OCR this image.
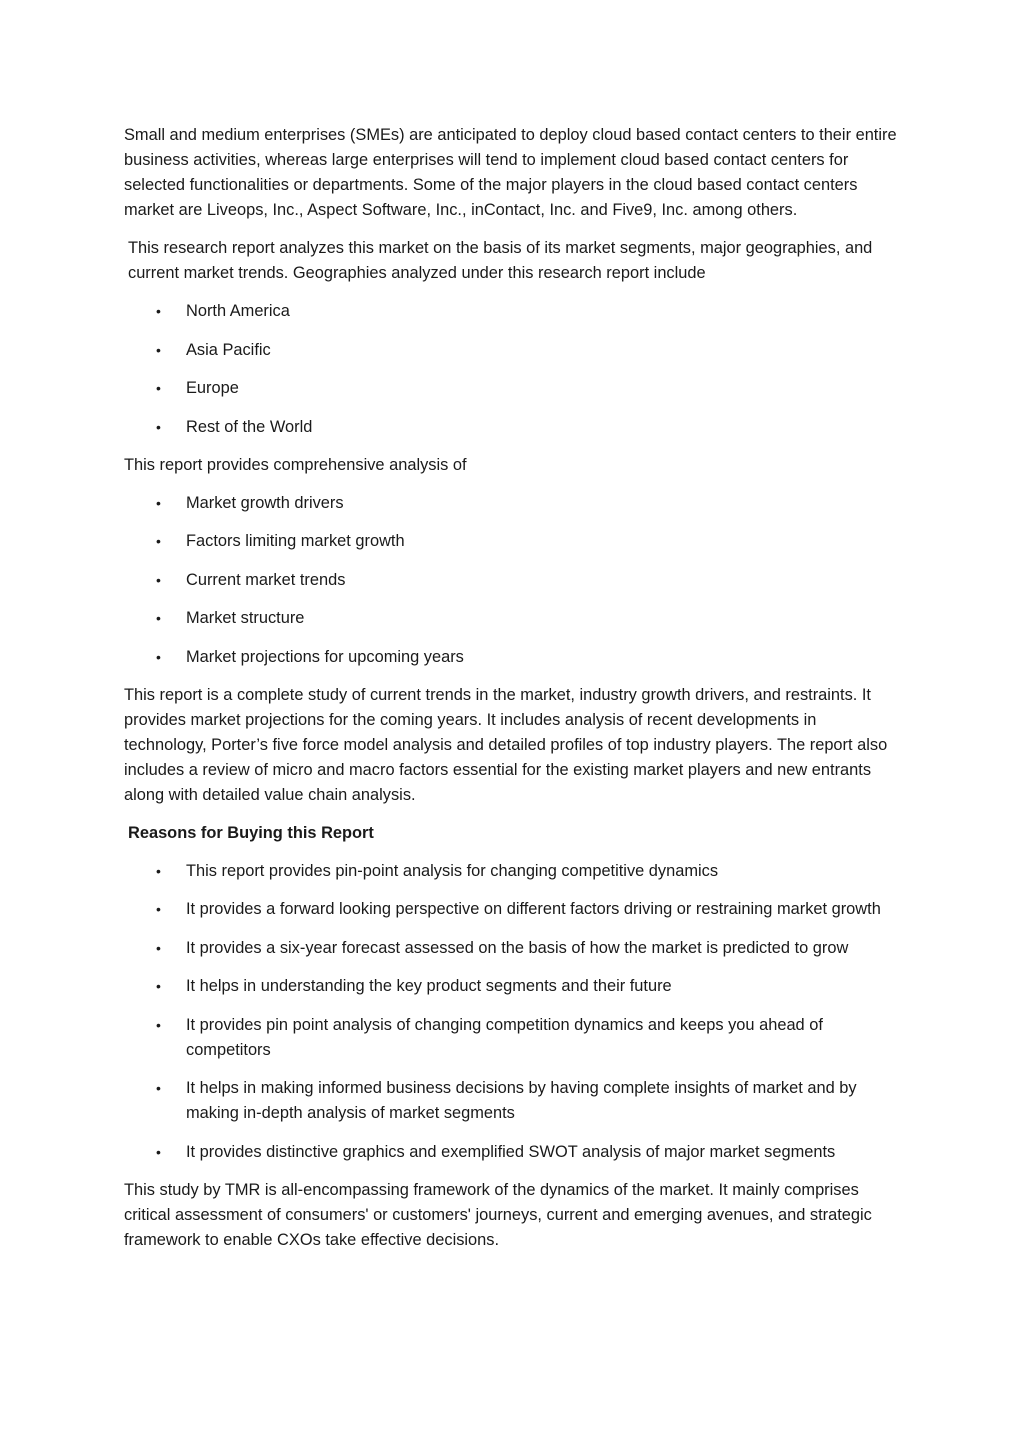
Small and medium enterprises (SMEs) are anticipated to deploy cloud based contact centers to their entire business activities, whereas large enterprises will tend to implement cloud based contact centers for selected functionalities or departments. Some of the major players in the cloud based contact centers market are Liveops, Inc., Aspect Software, Inc., inContact, Inc. and Five9, Inc. among others.

This research report analyzes this market on the basis of its market segments, major geographies, and current market trends. Geographies analyzed under this research report include

• North America
• Asia Pacific
• Europe
• Rest of the World

This report provides comprehensive analysis of

• Market growth drivers
• Factors limiting market growth
• Current market trends
• Market structure
• Market projections for upcoming years

This report is a complete study of current trends in the market, industry growth drivers, and restraints. It provides market projections for the coming years. It includes analysis of recent developments in technology, Porter’s five force model analysis and detailed profiles of top industry players. The report also includes a review of micro and macro factors essential for the existing market players and new entrants along with detailed value chain analysis.

Reasons for Buying this Report
• This report provides pin-point analysis for changing competitive dynamics
• It provides a forward looking perspective on different factors driving or restraining market growth
• It provides a six-year forecast assessed on the basis of how the market is predicted to grow
• It helps in understanding the key product segments and their future
• It provides pin point analysis of changing competition dynamics and keeps you ahead of competitors
• It helps in making informed business decisions by having complete insights of market and by making in-depth analysis of market segments
• It provides distinctive graphics and exemplified SWOT analysis of major market segments

This study by TMR is all-encompassing framework of the dynamics of the market. It mainly comprises critical assessment of consumers' or customers' journeys, current and emerging avenues, and strategic framework to enable CXOs take effective decisions.
